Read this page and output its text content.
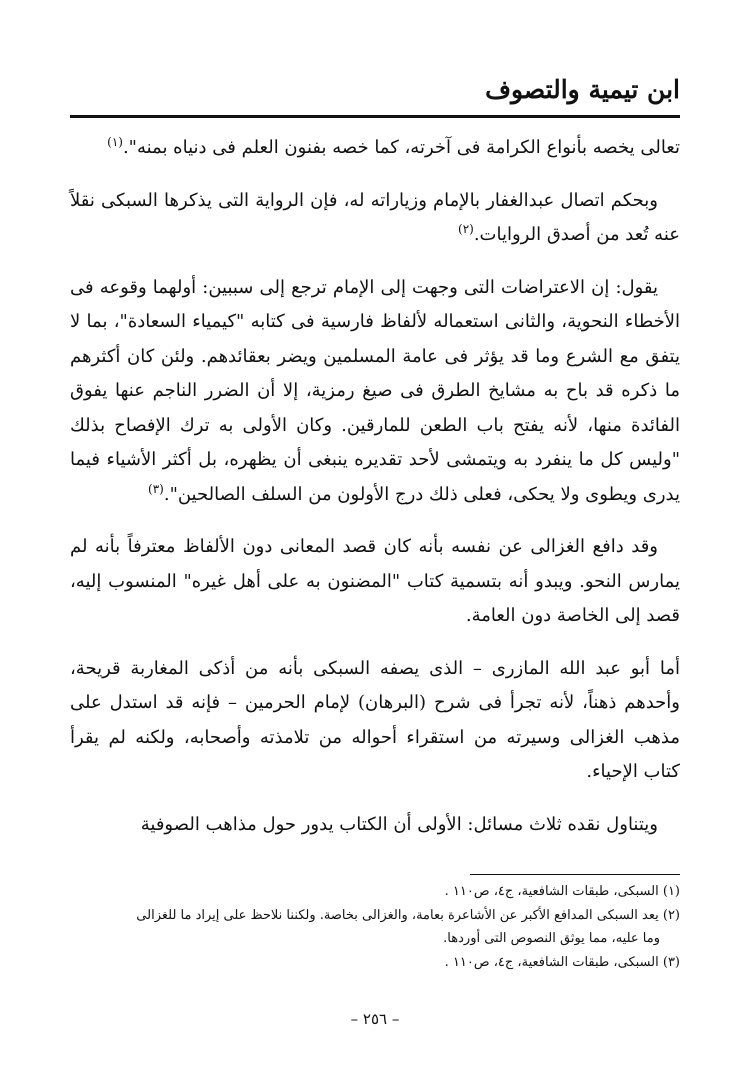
ابن تيمية والتصوف

تعالى يخصه بأنواع الكرامة فى آخرته، كما خصه بفنون العلم فى دنياه بمنه".$^{(١)}$

وبحكم اتصال عبدالغفار بالإمام وزياراته له، فإن الرواية التى يذكرها السبكى نقلاً عنه تُعد من أصدق الروايات.$^{(٢)}$

يقول: إن الاعتراضات التى وجهت إلى الإمام ترجع إلى سببين: أولهما وقوعه فى الأخطاء النحوية، والثانى استعماله لألفاظ فارسية فى كتابه "كيمياء السعادة"، بما لا يتفق مع الشرع وما قد يؤثر فى عامة المسلمين ويضر بعقائدهم. ولئن كان أكثرهم ما ذكره قد باح به مشايخ الطرق فى صيغ رمزية، إلا أن الضرر الناجم عنها يفوق الفائدة منها، لأنه يفتح باب الطعن للمارقين. وكان الأولى به ترك الإفصاح بذلك "وليس كل ما ينفرد به ويتمشى لأحد تقديره ينبغى أن يظهره، بل أكثر الأشياء فيما يدرى ويطوى ولا يحكى، فعلى ذلك درج الأولون من السلف الصالحين".$^{(٣)}$

وقد دافع الغزالى عن نفسه بأنه كان قصد المعانى دون الألفاظ معترفاً بأنه لم يمارس النحو. ويبدو أنه بتسمية كتاب "المضنون به على أهل غيره" المنسوب إليه، قصد إلى الخاصة دون العامة.

أما أبو عبد الله المازرى – الذى يصفه السبكى بأنه من أذكى المغاربة قريحة، وأحدهم ذهناً، لأنه تجرأ فى شرح (البرهان) لإمام الحرمين – فإنه قد استدل على مذهب الغزالى وسيرته من استقراء أحواله من تلامذته وأصحابه، ولكنه لم يقرأ كتاب الإحياء.

ويتناول نقده ثلاث مسائل: الأولى أن الكتاب يدور حول مذاهب الصوفية

(١) السبكى، طبقات الشافعية، ج٤، ص١١٠ .

(٢) يعد السبكى المدافع الأكبر عن الأشاعرة بعامة، والغزالى بخاصة. ولكننا نلاحظ على إيراد ما للغزالى

وما عليه، مما يوثق النصوص التى أوردها.

(٣) السبكى، طبقات الشافعية، ج٤، ص١١٠ .

– ٢٥٦ –
